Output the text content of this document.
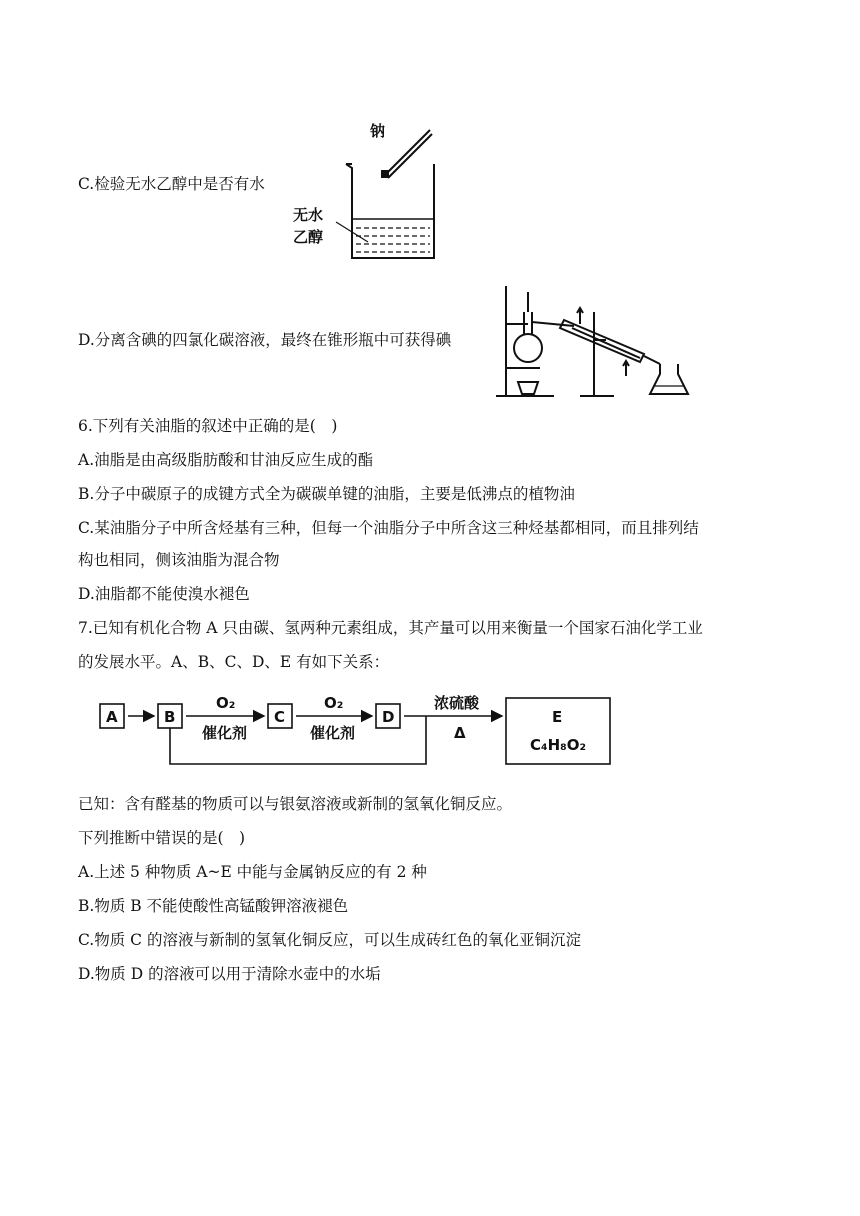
C.检验无水乙醇中是否有水
钠
无水
乙醇
D.分离含碘的四氯化碳溶液，最终在锥形瓶中可获得碘
6.下列有关油脂的叙述中正确的是(　)
A.油脂是由高级脂肪酸和甘油反应生成的酯
B.分子中碳原子的成键方式全为碳碳单键的油脂，主要是低沸点的植物油
C.某油脂分子中所含烃基有三种，但每一个油脂分子中所含这三种烃基都相同，而且排列结
构也相同，侧该油脂为混合物
D.油脂都不能使溴水褪色
7.已知有机化合物 A 只由碳、氢两种元素组成，其产量可以用来衡量一个国家石油化学工业
的发展水平。A、B、C、D、E 有如下关系：
A	B
O₂
催化剂
C
O₂
催化剂
D
浓硫酸
Δ
E
C₄H₈O₂
已知：含有醛基的物质可以与银氨溶液或新制的氢氧化铜反应。
下列推断中错误的是(　)
A.上述 5 种物质 A~E 中能与金属钠反应的有 2 种
B.物质 B 不能使酸性高锰酸钾溶液褪色
C.物质 C 的溶液与新制的氢氧化铜反应，可以生成砖红色的氧化亚铜沉淀
D.物质 D 的溶液可以用于清除水壶中的水垢
